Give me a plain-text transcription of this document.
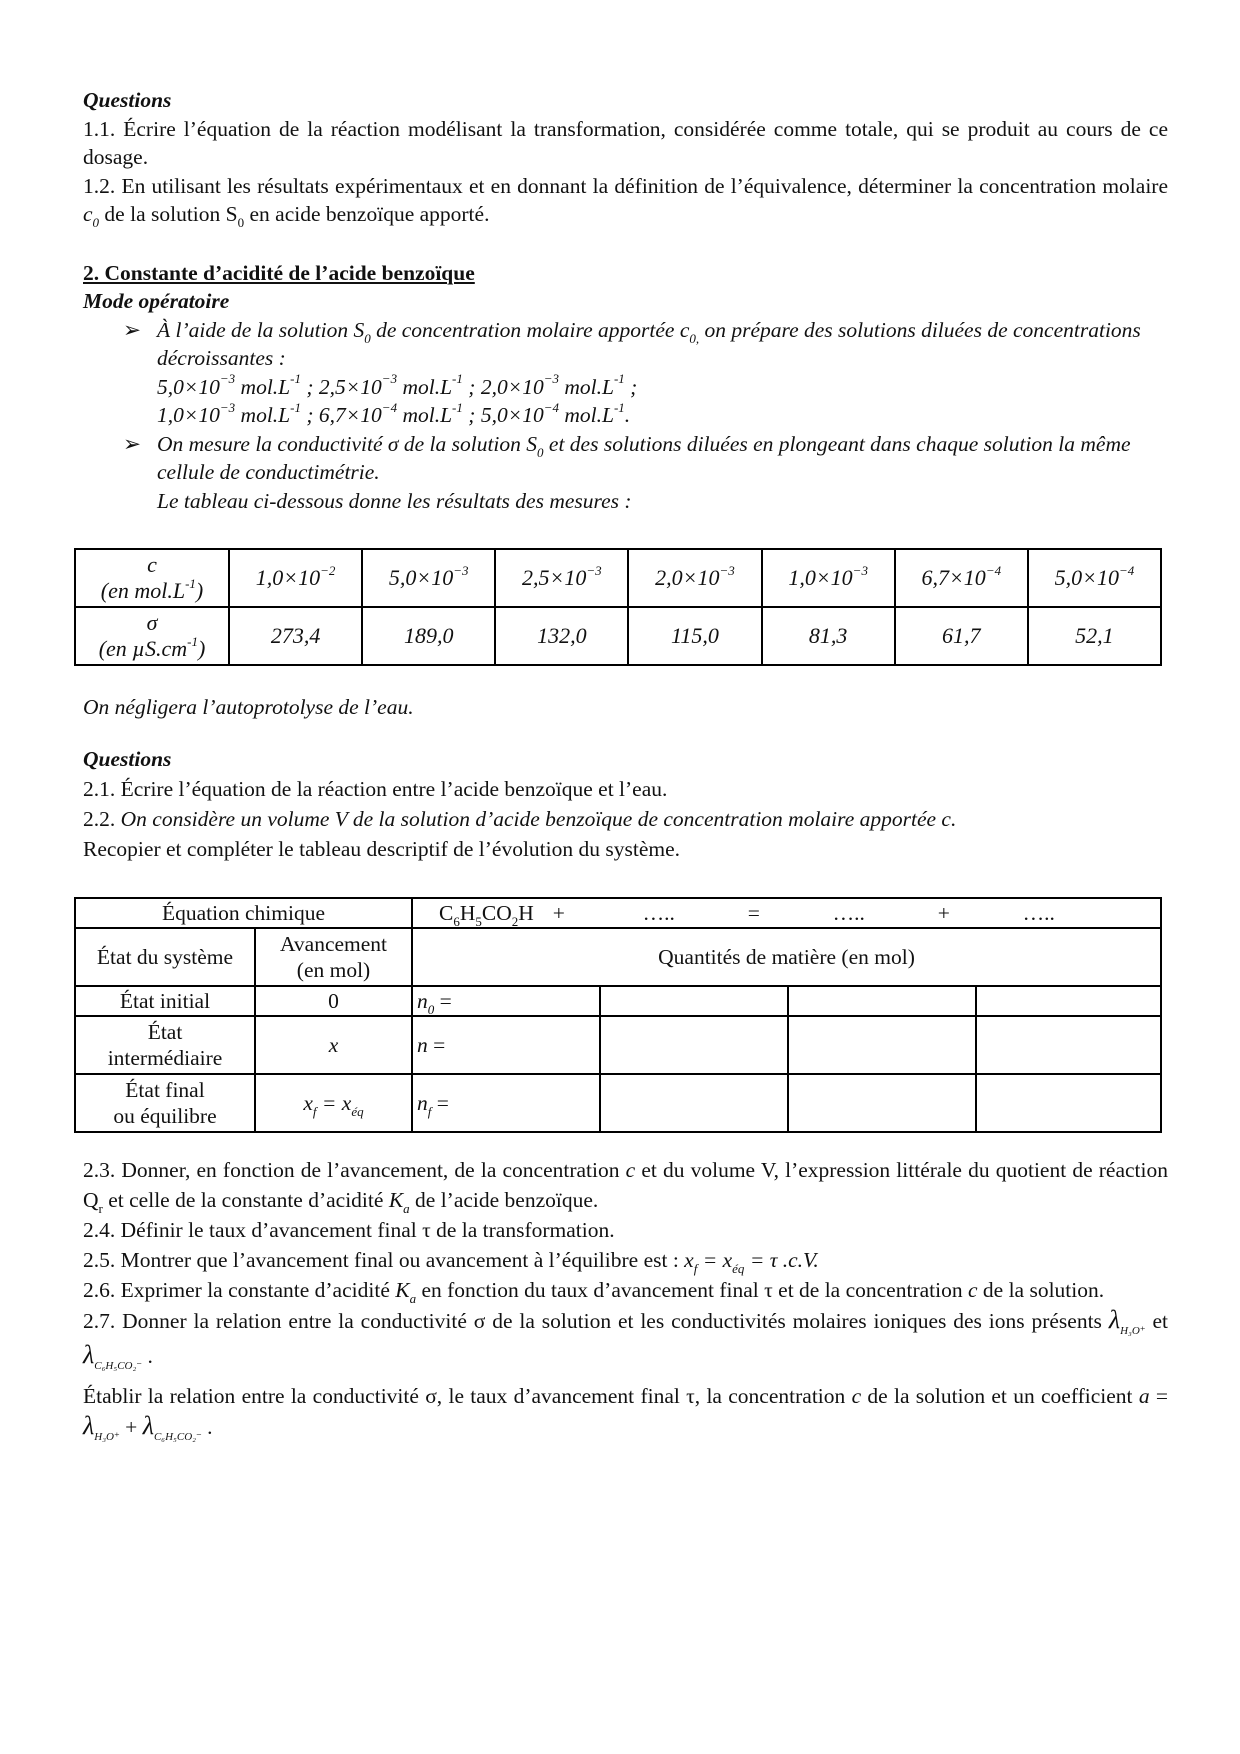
Questions

1.1. Écrire l’équation de la réaction modélisant la transformation, considérée comme totale, qui se produit au cours de ce dosage.

1.2. En utilisant les résultats expérimentaux et en donnant la définition de l’équivalence, déterminer la concentration molaire $c_0$ de la solution $S_0$ en acide benzoïque apporté.

2. Constante d’acidité de l’acide benzoïque

Mode opératoire

➢ À l’aide de la solution $S_0$ de concentration molaire apportée $c_{0,}$ on prépare des solutions diluées de concentrations décroissantes :
$5,0\times 10^{-3}$ $mol.L^{-1}$ ; $2,5\times 10^{-3}$ $mol.L^{-1}$ ; $2,0\times 10^{-3}$ $mol.L^{-1}$ ;
$1,0\times 10^{-3}$ $mol.L^{-1}$ ; $6,7\times 10^{-4}$ $mol.L^{-1}$ ; $5,0\times 10^{-4}$ $mol.L^{-1}$.
➢ On mesure la conductivité σ de la solution $S_0$ et des solutions diluées en plongeant dans chaque solution la même cellule de conductimétrie.
Le tableau ci-dessous donne les résultats des mesures :
c
(en $mol.L^{-1}$)	$1,0\times 10^{-2}$	$5,0\times 10^{-3}$	$2,5\times 10^{-3}$	$2,0\times 10^{-3}$	$1,0\times 10^{-3}$	$6,7\times 10^{-4}$	$5,0\times 10^{-4}$
σ
(en $\mu S.cm^{-1}$)	273,4	189,0	132,0	115,0	81,3	61,7	52,1

On négligera l’autoprotolyse de l’eau.

Questions

2.1. Écrire l’équation de la réaction entre l’acide benzoïque et l’eau.

2.2. On considère un volume V de la solution d’acide benzoïque de concentration molaire apportée c.

Recopier et compléter le tableau descriptif de l’évolution du système.

Équation chimique		$C_6H_5CO_2H$ + ….. = ….. + …..			
État du système	Avancement
(en mol)	Quantités de matière (en mol)			
État initial	0	$n_0$ =			
État
intermédiaire	x	n =			
État final
ou équilibre	$x_f = x_{éq}$	$n_f$ =			

2.3. Donner, en fonction de l’avancement, de la concentration c et du volume V, l’expression littérale du quotient de réaction $Q_r$ et celle de la constante d’acidité $K_a$ de l’acide benzoïque.

2.4. Définir le taux d’avancement final τ de la transformation.

2.5. Montrer que l’avancement final ou avancement à l’équilibre est : $x_f = x_{éq} = \tau$ .c.V.

2.6. Exprimer la constante d’acidité $K_a$ en fonction du taux d’avancement final τ et de la concentration c de la solution.

2.7. Donner la relation entre la conductivité σ de la solution et les conductivités molaires ioniques des ions présents $\lambda_{H_3O^+}$ et $\lambda_{C_6H_5CO_2^-}$ .

Établir la relation entre la conductivité σ, le taux d’avancement final τ, la concentration c de la solution et un coefficient $a = \lambda_{H_3O^+} + \lambda_{C_6H_5CO_2^-}$ .
